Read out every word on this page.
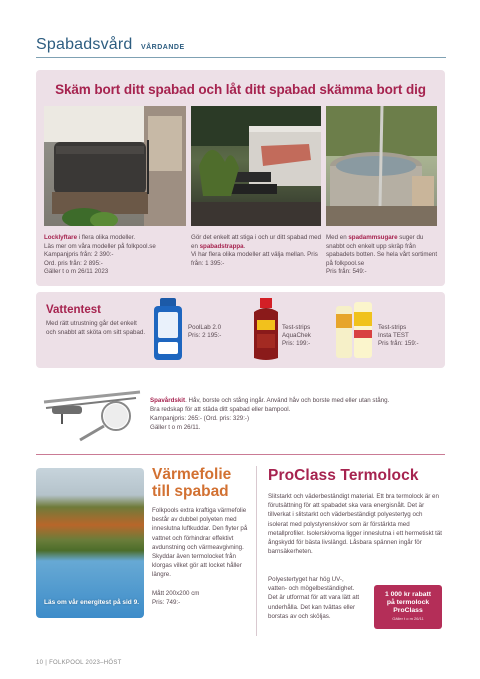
Spabadsvård VÅRDANDE
Skäm bort ditt spabad och låt ditt spabad skämma bort dig
Locklyftare i flera olika modeller.
Läs mer om våra modeller på folkpool.se
Kampanjpris från: 2 390:-
Ord. pris från: 2 895:-
Gäller t o m 26/11 2023
Gör det enkelt att stiga i och ur ditt spabad med en spabadstrappa.
Vi har flera olika modeller att välja mellan. Pris från: 1 395:-
Med en spadammsugare suger du snabbt och enkelt upp skräp från spabadets botten. Se hela vårt sortiment på folkpool.se
Pris från: 549:-
Vattentest
Med rätt utrustning går det enkelt och snabbt att sköta om sitt spabad.
PoolLab 2.0
Pris: 2 195:-
Test-strips
AquaChek
Pris: 199:-
Test-strips
Insta TEST
Pris från: 159:-
Spavårdskit. Håv, borste och stång ingår. Använd håv och borste med eller utan stång.
Bra redskap för att städa ditt spabad eller bampool.
Kampanjpris: 265:- (Ord. pris: 329:-)
Gäller t o m 26/11.
Läs om vår energitest på sid 9.
Värmefolie
till spabad
Folkpools extra kraftiga värmefolie består av dubbel polyeten med inneslutna luftkuddar. Den flyter på vattnet och förhindrar effektivt avdunstning och värmeavgivning. Skyddar även termolocket från klorgas vilket gör att locket håller längre.

Mått 200x200 cm
Pris: 749:-
ProClass Termolock
Slitstarkt och väderbeständigt material. Ett bra termolock är en förutsättning för att spabadet ska vara energisnålt. Det är tillverkat i slitstarkt och väderbeständigt polyestertyg och isolerat med polystyrenskivor som är förstärkta med metallprofiler. Isolerskivorna ligger inneslutna i ett hermetiskt tät ångskydd för bästa livslängd. Låsbara spännen ingår för barnsäkerheten.
Polyestertyget har hög UV-, vatten- och mögelbeständighet. Det är utformat för att vara lätt att underhålla. Det kan tvättas eller borstas av och sköljas.
1 000 kr rabatt
på termolock
ProClass
Gäller t o m 26/11
10 | FOLKPOOL 2023–HÖST
